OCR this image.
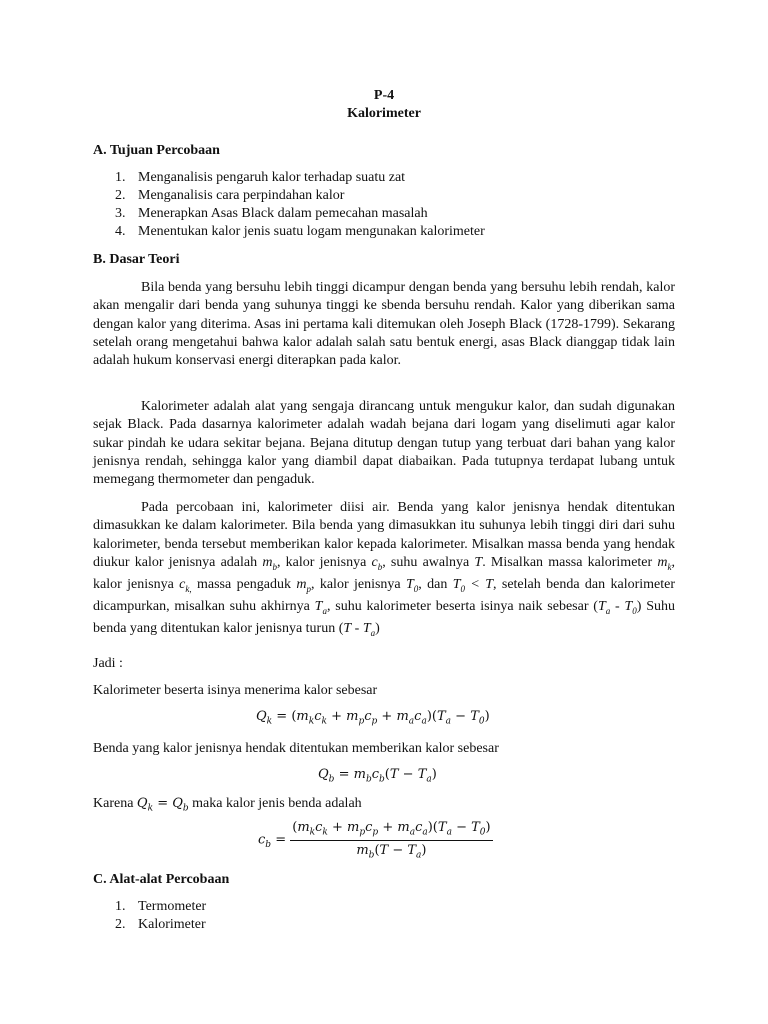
P-4
Kalorimeter
A. Tujuan Percobaan
1. Menganalisis pengaruh kalor terhadap suatu zat
2. Menganalisis cara perpindahan kalor
3. Menerapkan Asas Black dalam pemecahan masalah
4. Menentukan kalor jenis suatu logam mengunakan kalorimeter
B. Dasar Teori

Bila benda yang bersuhu lebih tinggi dicampur dengan benda yang bersuhu lebih rendah, kalor akan mengalir dari benda yang suhunya tinggi ke sbenda bersuhu rendah. Kalor yang diberikan sama dengan kalor yang diterima. Asas ini pertama kali ditemukan oleh Joseph Black (1728-1799). Sekarang setelah orang mengetahui bahwa kalor adalah salah satu bentuk energi, asas Black dianggap tidak lain adalah hukum konservasi energi diterapkan pada kalor.

Kalorimeter adalah alat yang sengaja dirancang untuk mengukur kalor, dan sudah digunakan sejak Black. Pada dasarnya kalorimeter adalah wadah bejana dari logam yang diselimuti agar kalor sukar pindah ke udara sekitar bejana. Bejana ditutup dengan tutup yang terbuat dari bahan yang kalor jenisnya rendah, sehingga kalor yang diambil dapat diabaikan. Pada tutupnya terdapat lubang untuk memegang thermometer dan pengaduk.

Pada percobaan ini, kalorimeter diisi air. Benda yang kalor jenisnya hendak ditentukan dimasukkan ke dalam kalorimeter. Bila benda yang dimasukkan itu suhunya lebih tinggi diri dari suhu kalorimeter, benda tersebut memberikan kalor kepada kalorimeter. Misalkan massa benda yang hendak diukur kalor jenisnya adalah $m_b$, kalor jenisnya $c_b$, suhu awalnya T. Misalkan massa kalorimeter $m_k$, kalor jenisnya $c_{k,}$ massa pengaduk $m_p$, kalor jenisnya $T_0$, dan $T_0 < T$, setelah benda dan kalorimeter dicampurkan, misalkan suhu akhirnya $T_a$, suhu kalorimeter beserta isinya naik sebesar $(T_a - T_0)$ Suhu benda yang ditentukan kalor jenisnya turun $(T - T_a)$

Jadi :
Kalorimeter beserta isinya menerima kalor sebesar
$Q_k = (m_kc_k + m_pc_p + m_ac_a)(T_a - T_0)$
Benda yang kalor jenisnya hendak ditentukan memberikan kalor sebesar
$Q_b = m_bc_b(T - T_a)$
Karena $Q_k = Q_b$ maka kalor jenis benda adalah
$c_b = \frac{(m_kc_k + m_pc_p + m_ac_a)(T_a - T_0)}{m_b(T - T_a)}$
C. Alat-alat Percobaan
1. Termometer
2. Kalorimeter
